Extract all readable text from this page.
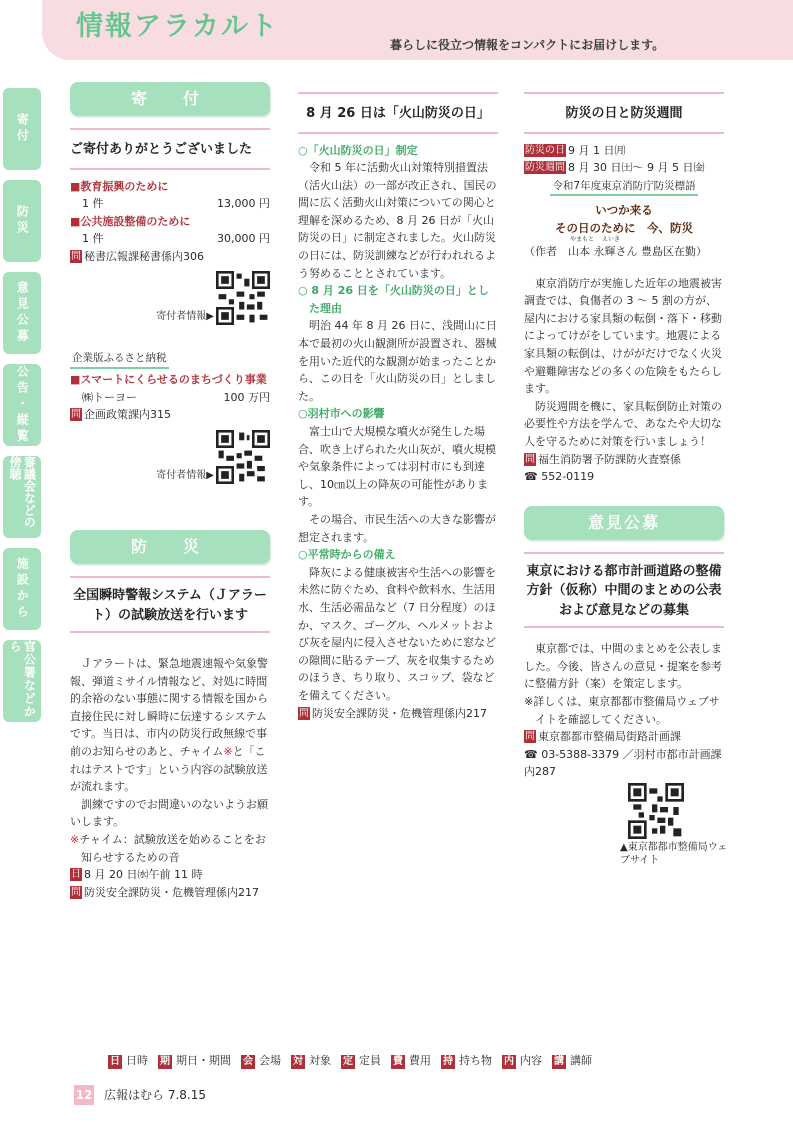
情報アラカルト
暮らしに役立つ情報をコンパクトにお届けします。
寄付
防災
意見公募
公告・縦覧
審議会などの傍聴
施設から
官公署などから
寄　付
ご寄付ありがとうございました
■教育振興のために
1 件	13,000 円
■公共施設整備のために
1 件	30,000 円
問 秘書広報課秘書係内306
寄付者情報▶
企業版ふるさと納税
■スマートにくらせるのまちづくり事業
㈱トーヨー	100 万円
問 企画政策課内315
寄付者情報▶
防　災
全国瞬時警報システム（Ｊアラート）の試験放送を行います

Ｊアラートは、緊急地震速報や気象警報、弾道ミサイル情報など、対処に時間的余裕のない事態に関する情報を国から直接住民に対し瞬時に伝達するシステムです。当日は、市内の防災行政無線で事前のお知らせのあと、チャイム※と「これはテストです」という内容の試験放送が流れます。

訓練ですのでお間違いのないようお願いします。

※チャイム：試験放送を始めることをお知らせするための音

日 8 月 20 日㈬午前 11 時

問 防災安全課防災・危機管理係内217

8 月 26 日は「火山防災の日」

○「火山防災の日」制定

令和 5 年に活動火山対策特別措置法（活火山法）の一部が改正され、国民の間に広く活動火山対策についての関心と理解を深めるため、8 月 26 日が「火山防災の日」に制定されました。火山防災の日には、防災訓練などが行われれるよう努めることとされています。

○ 8 月 26 日を「火山防災の日」とした理由

明治 44 年 8 月 26 日に、浅間山に日本で最初の火山観測所が設置され、器械を用いた近代的な観測が始まったことから、この日を「火山防災の日」としました。

○羽村市への影響

富士山で大規模な噴火が発生した場合、吹き上げられた火山灰が、噴火規模や気象条件によっては羽村市にも到達し、10㎝以上の降灰の可能性があります。

その場合、市民生活への大きな影響が想定されます。

○平常時からの備え

降灰による健康被害や生活への影響を未然に防ぐため、食料や飲料水、生活用水、生活必需品など（7 日分程度）のほか、マスク、ゴーグル、ヘルメットおよび灰を屋内に侵入させないために窓などの隙間に貼るテープ、灰を収集するためのほうき、ちり取り、スコップ、袋などを備えてください。

問 防災安全課防災・危機管理係内217

防災の日と防災週間

防災の日 9 月 1 日㈪

防災週間 8 月 30 日㈯～ 9 月 5 日㈮

令和7年度東京消防庁防災標語

いつか来る

その日のために　今、防災

やまもと えいき

（作者　山本 永輝さん 豊島区在勤）

東京消防庁が実施した近年の地震被害調査では、負傷者の 3 ～ 5 割の方が、屋内における家具類の転倒・落下・移動によってけがをしています。地震による家具類の転倒は、けががだけでなく火災や避難障害などの多くの危険をもたらします。

防災週間を機に、家具転倒防止対策の必要性や方法を学んで、あなたや大切な人を守るために対策を行いましょう！

問 福生消防署予防課防火査察係

☎ 552-0119

意見公募
東京における都市計画道路の整備方針（仮称）中間のまとめの公表および意見などの募集

東京都では、中間のまとめを公表しました。今後、皆さんの意見・提案を参考に整備方針（案）を策定します。

※詳しくは、東京都都市整備局ウェブサイトを確認してください。

問 東京都都市整備局街路計画課

☎ 03-5388-3379 ／羽村市都市計画課

内287

▲東京都都市整備局ウェブサイト
日 日時 期 期日・期間 会 会場 対 対象 定 定員 費 費用 持 持ち物 内 内容 講 講師
12 広報はむら 7.8.15
